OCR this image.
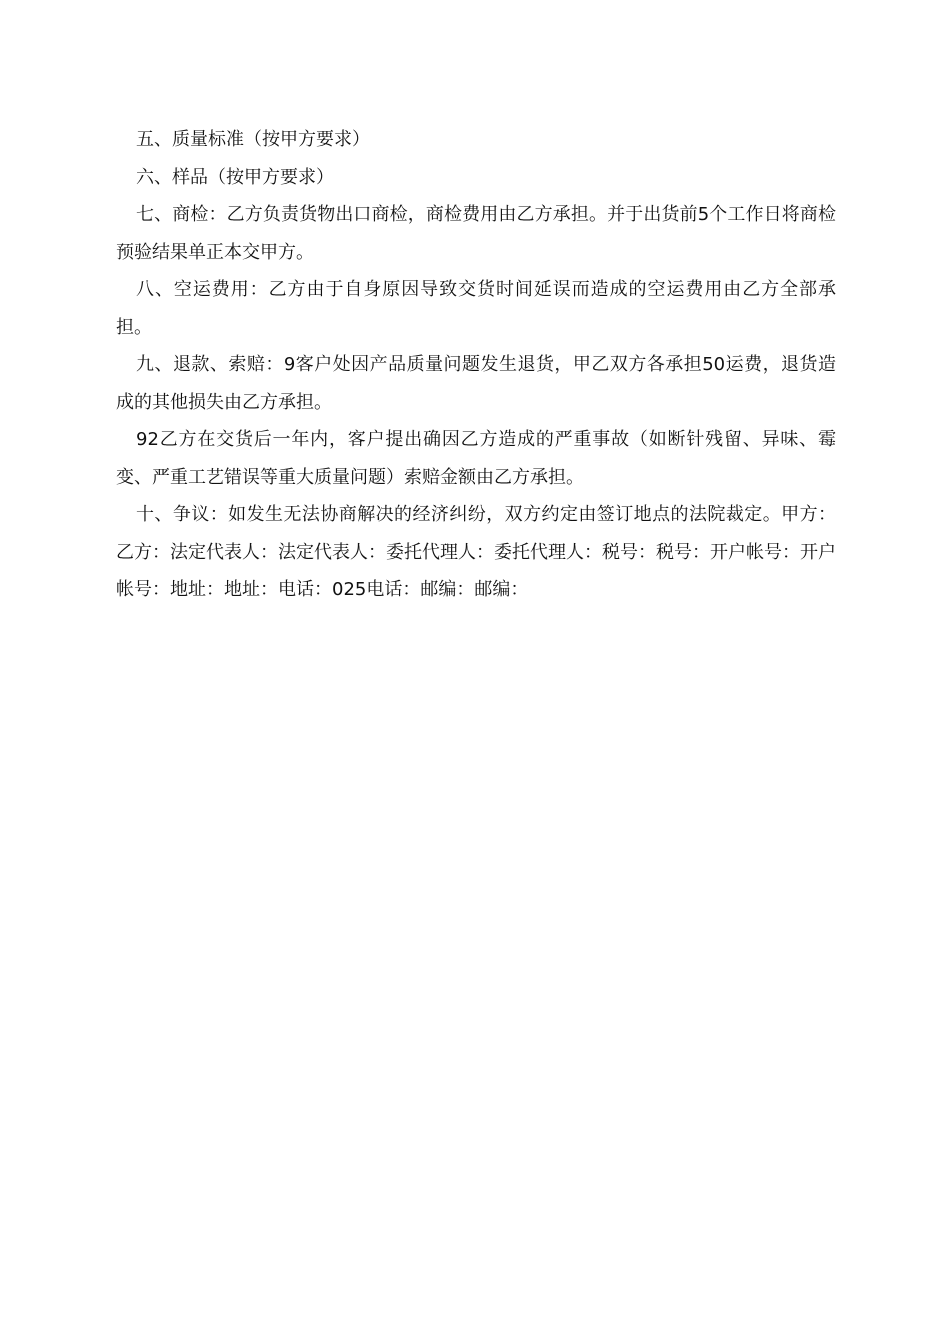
五、质量标准（按甲方要求）

六、样品（按甲方要求）

七、商检：乙方负责货物出口商检，商检费用由乙方承担。并于出货前5个工作日将商检预验结果单正本交甲方。

八、空运费用：乙方由于自身原因导致交货时间延误而造成的空运费用由乙方全部承担。

九、退款、索赔：9客户处因产品质量问题发生退货，甲乙双方各承担50运费，退货造成的其他损失由乙方承担。

92乙方在交货后一年内，客户提出确因乙方造成的严重事故（如断针残留、异味、霉变、严重工艺错误等重大质量问题）索赔金额由乙方承担。

十、争议：如发生无法协商解决的经济纠纷，双方约定由签订地点的法院裁定。甲方：乙方：法定代表人：法定代表人：委托代理人：委托代理人：税号：税号：开户帐号：开户帐号：地址：地址：电话：025电话：邮编：邮编：
